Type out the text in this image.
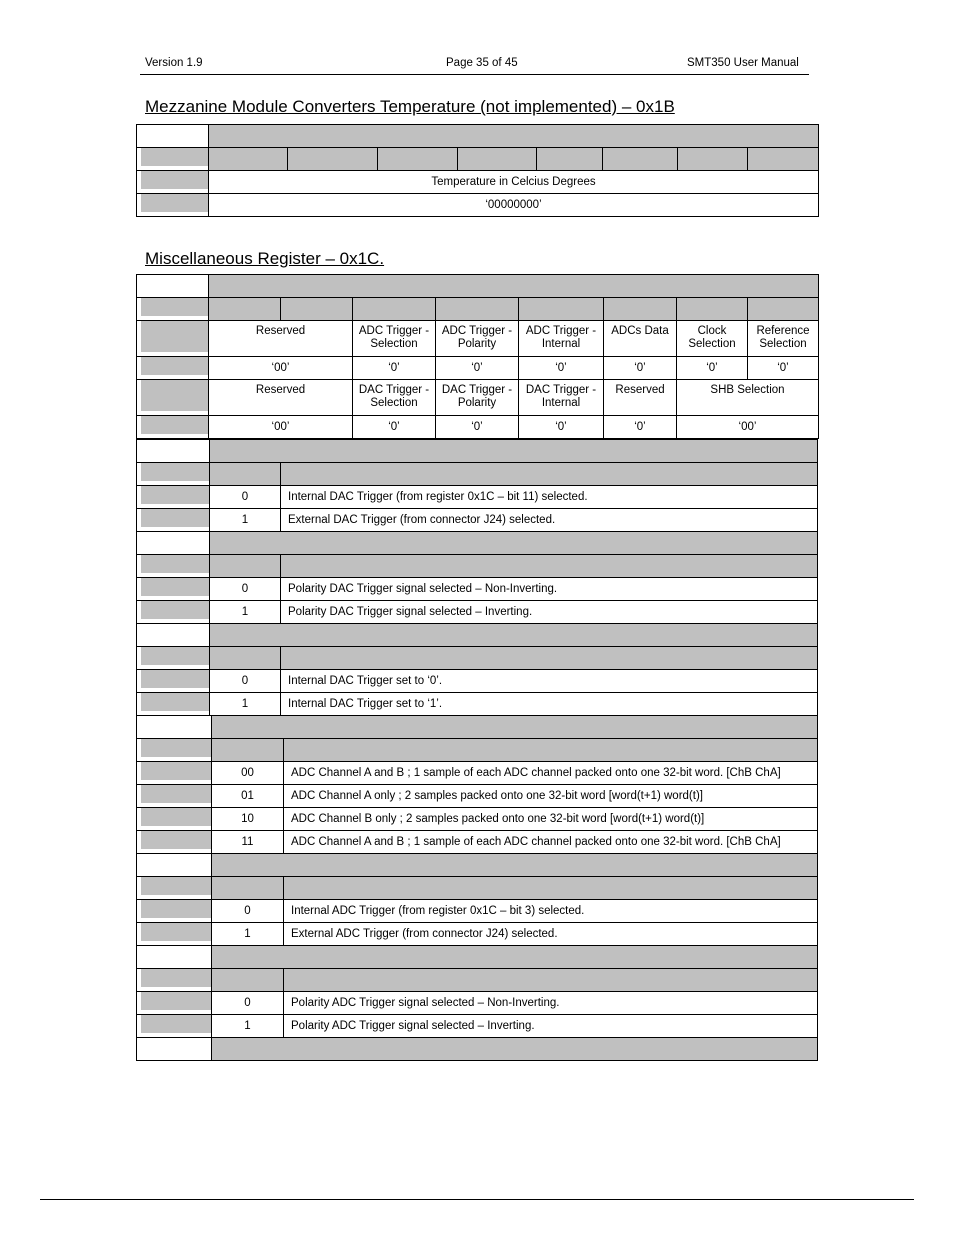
Version 1.9	Page 35 of 45	SMT350 User Manual
Mezzanine Module Converters Temperature (not implemented) – 0x1B

	Temperature in Celcius Degrees							
	‘00000000’							
Miscellaneous Register – 0x1C.

	Reserved		ADC Trigger - Selection	ADC Trigger - Polarity	ADC Trigger - Internal	ADCs Data	Clock Selection	Reference Selection
	‘00’		‘0’	‘0’	‘0’	‘0’	‘0’	‘0’
	Reserved		DAC Trigger - Selection	DAC Trigger - Polarity	DAC Trigger - Internal	Reserved	SHB Selection	
	‘00’		‘0’	‘0’	‘0’	‘0’	‘00’	

	0	Internal DAC Trigger (from register 0x1C – bit 11) selected.
	1	External DAC Trigger (from connector J24) selected.

	0	Polarity DAC Trigger signal selected – Non-Inverting.
	1	Polarity DAC Trigger signal selected – Inverting.

	0	Internal DAC Trigger set to ‘0’.
	1	Internal DAC Trigger set to ‘1’.

	00	ADC Channel A and B ; 1 sample of each ADC channel packed onto one 32-bit word. [ChB ChA]
	01	ADC Channel A only ; 2 samples packed onto one 32-bit word [word(t+1) word(t)]
	10	ADC Channel B only ; 2 samples packed onto one 32-bit word [word(t+1) word(t)]
	11	ADC Channel A and B ; 1 sample of each ADC channel packed onto one 32-bit word. [ChB ChA]

	0	Internal ADC Trigger (from register 0x1C – bit 3) selected.
	1	External ADC Trigger (from connector J24) selected.

	0	Polarity ADC Trigger signal selected – Non-Inverting.
	1	Polarity ADC Trigger signal selected – Inverting.
